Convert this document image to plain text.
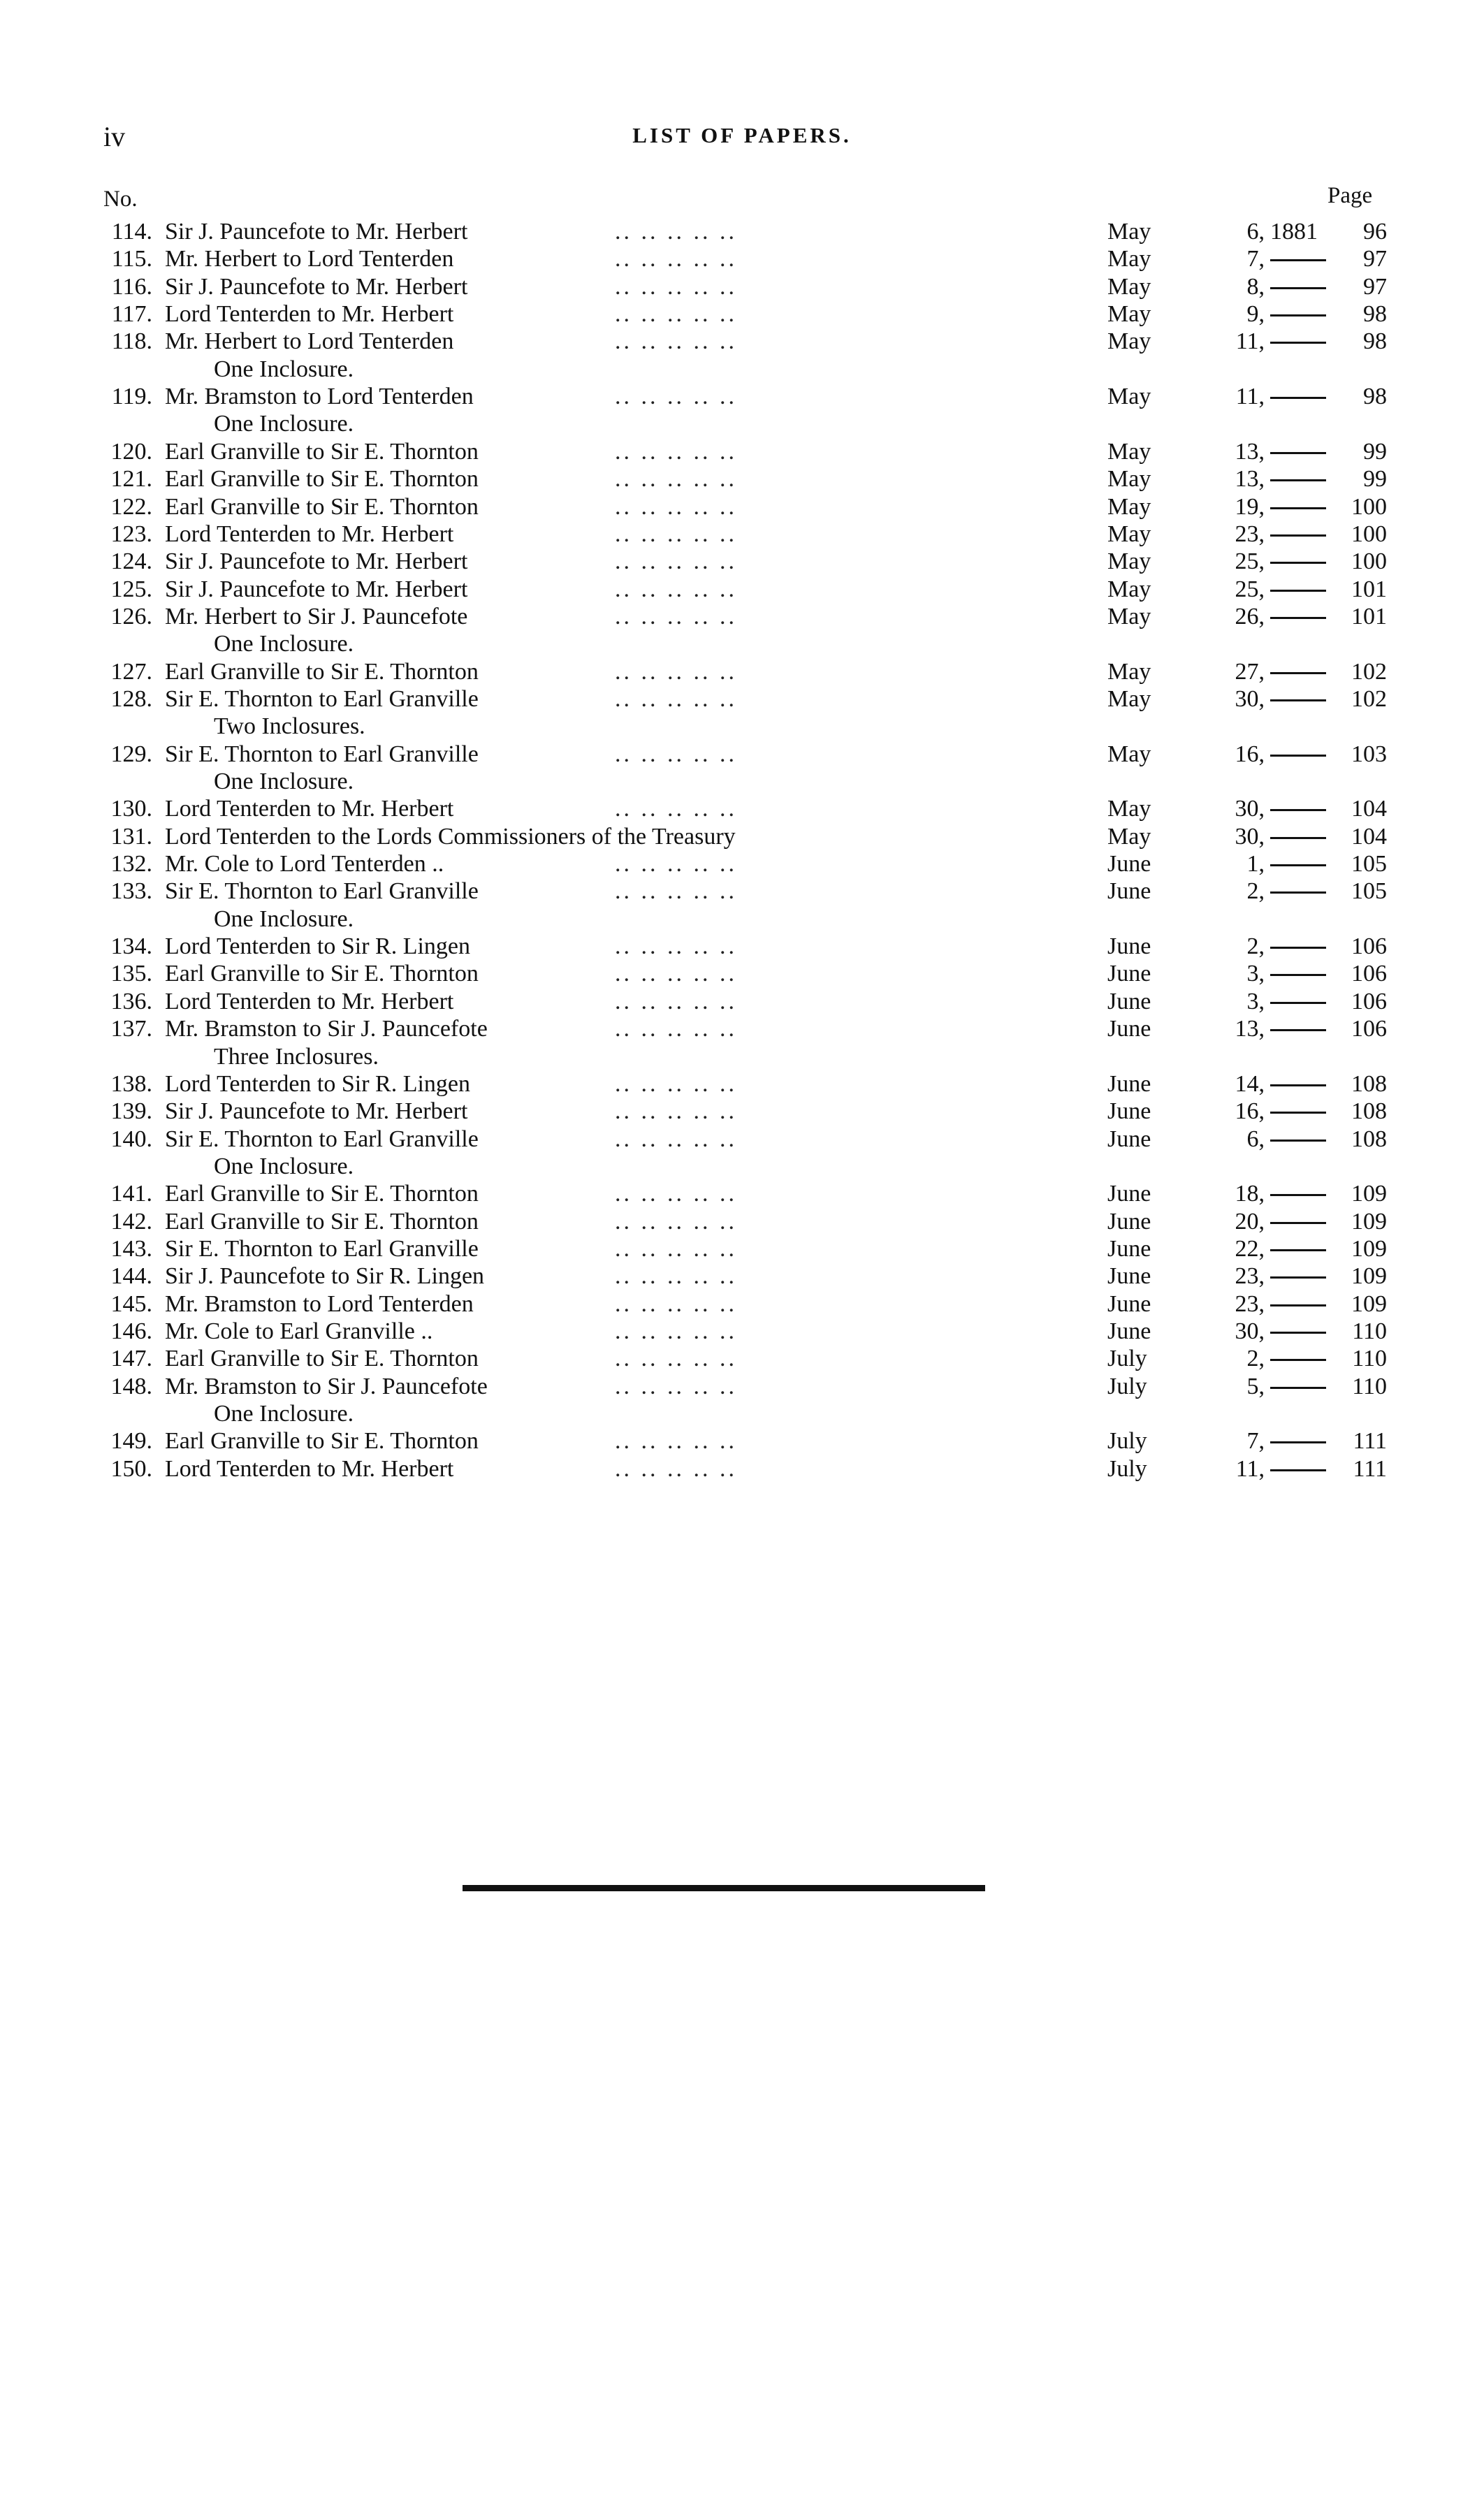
iv	LIST OF PAPERS.
No.	Page
114. Sir J. Pauncefote to Mr. Herbert	.. .. .. .. ..	May	6, 1881	96
115. Mr. Herbert to Lord Tenterden	.. .. .. .. ..	May	7,	97
116. Sir J. Pauncefote to Mr. Herbert	.. .. .. .. ..	May	8,	97
117. Lord Tenterden to Mr. Herbert	.. .. .. .. ..	May	9,	98
118. Mr. Herbert to Lord Tenterden	.. .. .. .. ..	May	11,	98
One Inclosure.
119. Mr. Bramston to Lord Tenterden	.. .. .. .. ..	May	11,	98
One Inclosure.
120. Earl Granville to Sir E. Thornton	.. .. .. .. ..	May	13,	99
121. Earl Granville to Sir E. Thornton	.. .. .. .. ..	May	13,	99
122. Earl Granville to Sir E. Thornton	.. .. .. .. ..	May	19,	100
123. Lord Tenterden to Mr. Herbert	.. .. .. .. ..	May	23,	100
124. Sir J. Pauncefote to Mr. Herbert	.. .. .. .. ..	May	25,	100
125. Sir J. Pauncefote to Mr. Herbert	.. .. .. .. ..	May	25,	101
126. Mr. Herbert to Sir J. Pauncefote	.. .. .. .. ..	May	26,	101
One Inclosure.
127. Earl Granville to Sir E. Thornton	.. .. .. .. ..	May	27,	102
128. Sir E. Thornton to Earl Granville	.. .. .. .. ..	May	30,	102
Two Inclosures.
129. Sir E. Thornton to Earl Granville	.. .. .. .. ..	May	16,	103
One Inclosure.
130. Lord Tenterden to Mr. Herbert	.. .. .. .. ..	May	30,	104
131. Lord Tenterden to the Lords Commissioners of the Treasury	May	30,	104
132. Mr. Cole to Lord Tenterden ..	.. .. .. .. ..	June	1,	105
133. Sir E. Thornton to Earl Granville	.. .. .. .. ..	June	2,	105
One Inclosure.
134. Lord Tenterden to Sir R. Lingen	.. .. .. .. ..	June	2,	106
135. Earl Granville to Sir E. Thornton	.. .. .. .. ..	June	3,	106
136. Lord Tenterden to Mr. Herbert	.. .. .. .. ..	June	3,	106
137. Mr. Bramston to Sir J. Pauncefote	.. .. .. .. ..	June	13,	106
Three Inclosures.
138. Lord Tenterden to Sir R. Lingen	.. .. .. .. ..	June	14,	108
139. Sir J. Pauncefote to Mr. Herbert	.. .. .. .. ..	June	16,	108
140. Sir E. Thornton to Earl Granville	.. .. .. .. ..	June	6,	108
One Inclosure.
141. Earl Granville to Sir E. Thornton	.. .. .. .. ..	June	18,	109
142. Earl Granville to Sir E. Thornton	.. .. .. .. ..	June	20,	109
143. Sir E. Thornton to Earl Granville	.. .. .. .. ..	June	22,	109
144. Sir J. Pauncefote to Sir R. Lingen	.. .. .. .. ..	June	23,	109
145. Mr. Bramston to Lord Tenterden	.. .. .. .. ..	June	23,	109
146. Mr. Cole to Earl Granville ..	.. .. .. .. ..	June	30,	110
147. Earl Granville to Sir E. Thornton	.. .. .. .. ..	July	2,	110
148. Mr. Bramston to Sir J. Pauncefote	.. .. .. .. ..	July	5,	110
One Inclosure.
149. Earl Granville to Sir E. Thornton	.. .. .. .. ..	July	7,	111
150. Lord Tenterden to Mr. Herbert	.. .. .. .. ..	July	11,	111
